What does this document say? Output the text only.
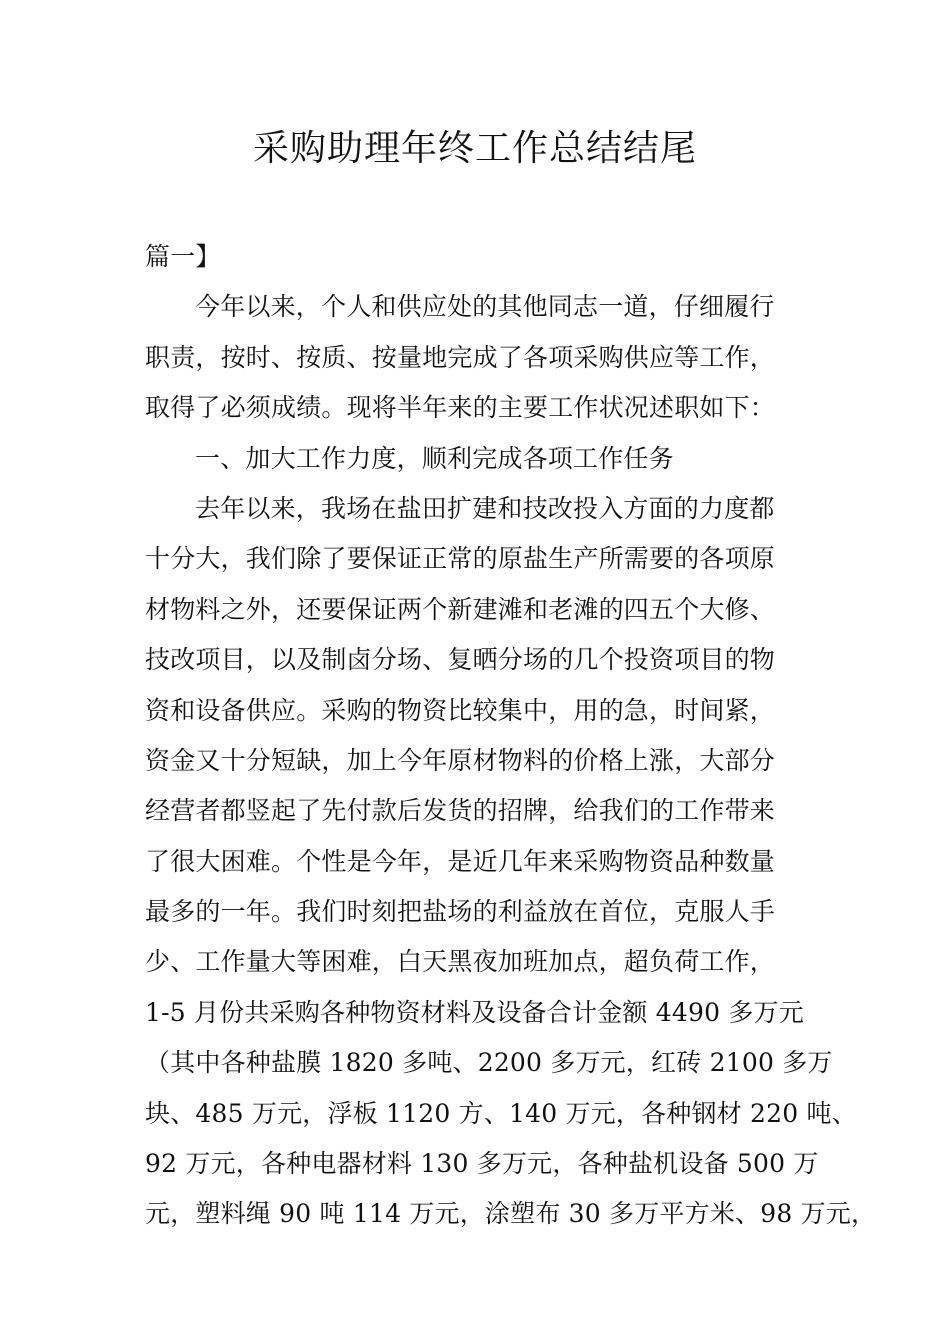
采购助理年终工作总结结尾
篇一】
今年以来，个人和供应处的其他同志一道，仔细履行
职责，按时、按质、按量地完成了各项采购供应等工作，
取得了必须成绩。现将半年来的主要工作状况述职如下：
一、加大工作力度，顺利完成各项工作任务
去年以来，我场在盐田扩建和技改投入方面的力度都
十分大，我们除了要保证正常的原盐生产所需要的各项原
材物料之外，还要保证两个新建滩和老滩的四五个大修、
技改项目，以及制卤分场、复晒分场的几个投资项目的物
资和设备供应。采购的物资比较集中，用的急，时间紧，
资金又十分短缺，加上今年原材物料的价格上涨，大部分
经营者都竖起了先付款后发货的招牌，给我们的工作带来
了很大困难。个性是今年，是近几年来采购物资品种数量
最多的一年。我们时刻把盐场的利益放在首位，克服人手
少、工作量大等困难，白天黑夜加班加点，超负荷工作，
1-5 月份共采购各种物资材料及设备合计金额 4490 多万元
（其中各种盐膜 1820 多吨、2200 多万元，红砖 2100 多万
块、485 万元，浮板 1120 方、140 万元，各种钢材 220 吨、
92 万元，各种电器材料 130 多万元，各种盐机设备 500 万
元，塑料绳 90 吨 114 万元，涂塑布 30 多万平方米、98 万元，
